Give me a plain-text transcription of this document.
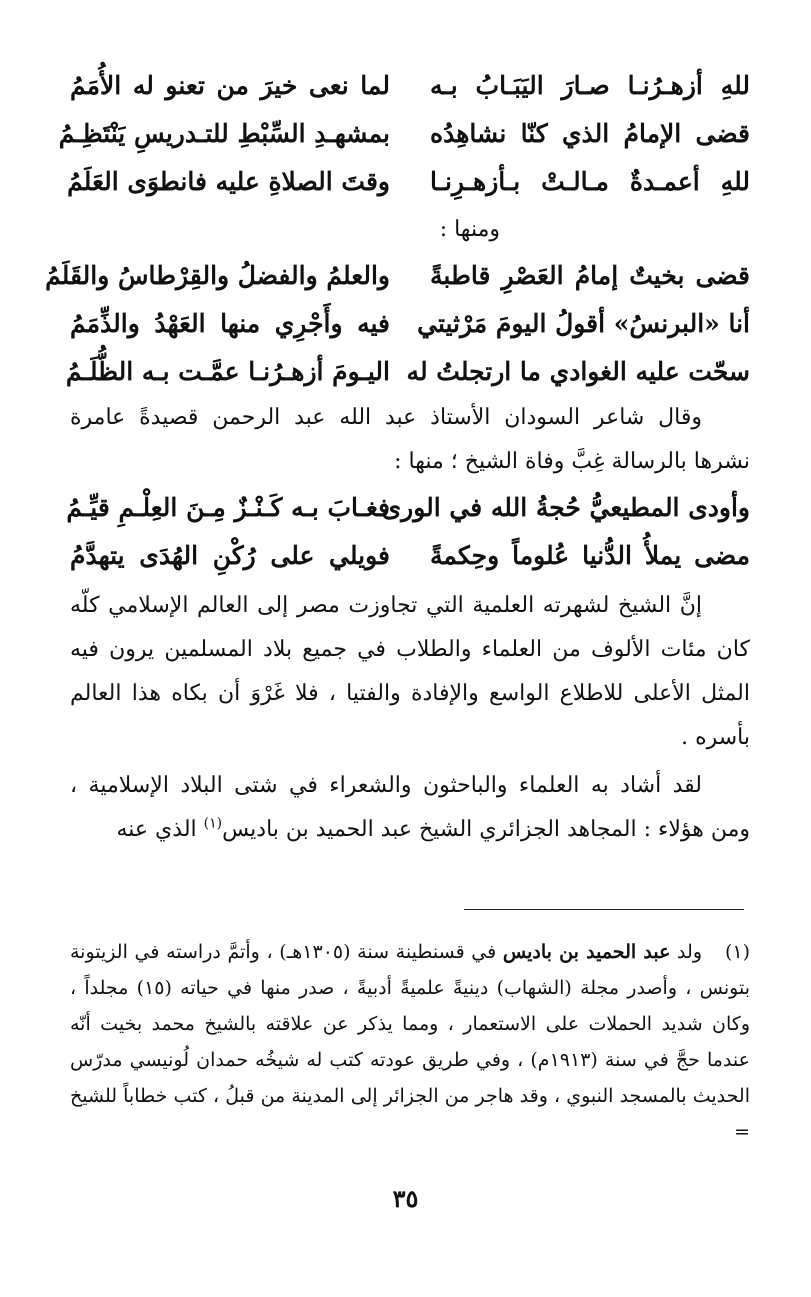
للهِ أزهـرُنـا صـارَ اليَبَـابُ بـه
لما نعى خيرَ من تعنو له الأُمَمُ
قضى الإمامُ الذي كنّا نشاهِدُه
بمشهـدِ السِّبْطِ للتـدريسِ يَنْتَظِـمُ
للهِ أعمـدةٌ مـالـتْ بـأزهـرِنـا
وقتَ الصلاةِ عليه فانطوَى العَلَمُ
ومنها :
قضى بخيتٌ إمامُ العَصْرِ قاطبةً
والعلمُ والفضلُ والقِرْطاسُ والقَلَمُ
أنا «البرنسُ» أقولُ اليومَ مَرْثيتي
فيه وأَجْرِي منها العَهْدُ والذِّمَمُ
سحّت عليه الغوادي ما ارتجلتُ له
اليـومَ أزهـرُنـا عمَّـت بـه الظُّلَـمُ

وقال شاعر السودان الأستاذ عبد الله عبد الرحمن قصيدةً عامرة نشرها بالرسالة غِبَّ وفاة الشيخ ؛ منها :

وأودى المطيعيُّ حُجةُ الله في الورى
فغـابَ بـه كَـنْـزٌ مِـنَ العِلْـمِ قيِّـمُ
مضى يملأُ الدُّنيا عُلوماً وحِكمةً
فويلي على رُكْنِ الهُدَى يتهدَّمُ

إنَّ الشيخ لشهرته العلمية التي تجاوزت مصر إلى العالم الإسلامي كلّه كان مئات الألوف من العلماء والطلاب في جميع بلاد المسلمين يرون فيه المثل الأعلى للاطلاع الواسع والإفادة والفتيا ، فلا غَرْوَ أن بكاه هذا العالم بأسره .

لقد أشاد به العلماء والباحثون والشعراء في شتى البلاد الإسلامية ، ومن هؤلاء : المجاهد الجزائري الشيخ عبد الحميد بن باديس$^{(١)}$ الذي عنه

(١)ولد عبد الحميد بن باديس في قسنطينة سنة (١٣٠٥هـ) ، وأتمَّ دراسته في الزيتونة بتونس ، وأصدر مجلة (الشهاب) دينيةً علميةً أدبيةً ، صدر منها في حياته (١٥) مجلداً ، وكان شديد الحملات على الاستعمار ، ومما يذكر عن علاقته بالشيخ محمد بخيت أنّه عندما حجَّ في سنة (١٩١٣م) ، وفي طريق عودته كتب له شيخُه حمدان لُونيسي مدرّس الحديث بالمسجد النبوي ، وقد هاجر من الجزائر إلى المدينة من قبلُ ، كتب خطاباً للشيخ =
٣٥
